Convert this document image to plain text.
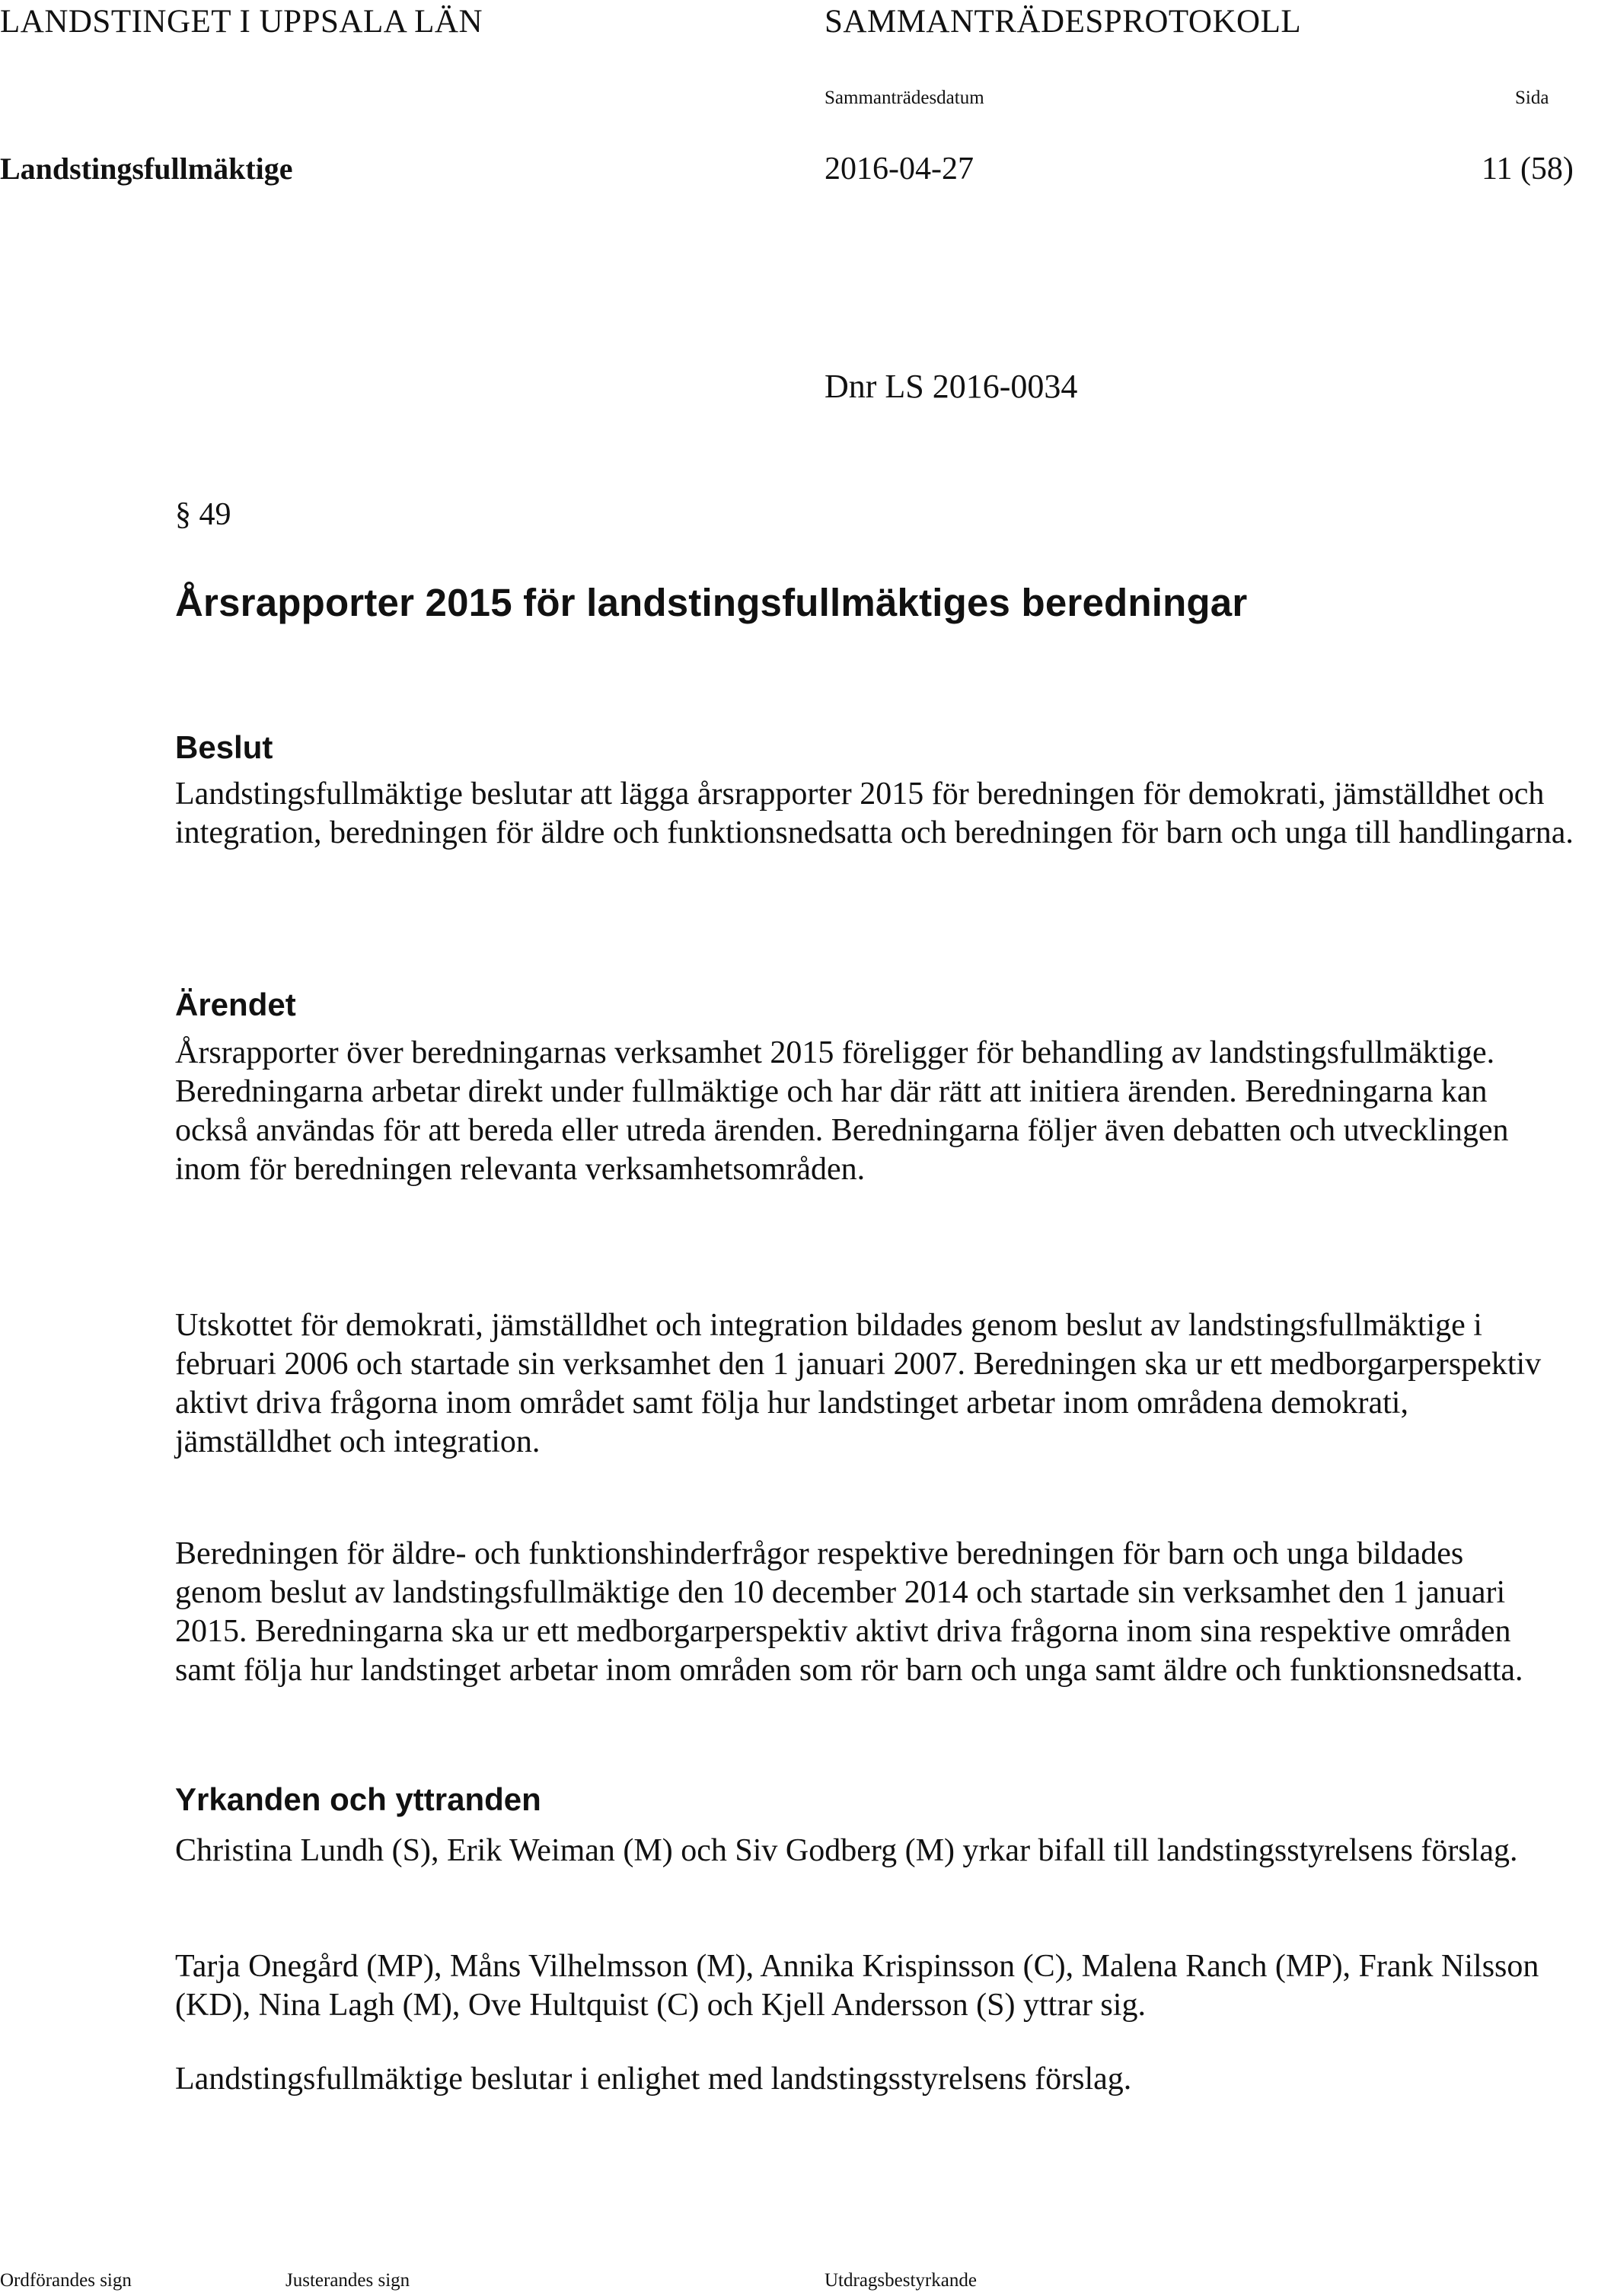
LANDSTINGET I UPPSALA LÄN	SAMMANTRÄDESPROTOKOLL
Sammanträdesdatum	Sida
Landstingsfullmäktige	2016-04-27	11 (58)
Dnr LS 2016-0034
§ 49
Årsrapporter 2015 för landstingsfullmäktiges beredningar
Beslut

Landstingsfullmäktige beslutar att lägga årsrapporter 2015 för beredningen för demokrati, jämställdhet och integration, beredningen för äldre och funktionsnedsatta och beredningen för barn och unga till handlingarna.

Ärendet

Årsrapporter över beredningarnas verksamhet 2015 föreligger för behandling av landstingsfullmäktige. Beredningarna arbetar direkt under fullmäktige och har där rätt att initiera ärenden. Beredningarna kan också användas för att bereda eller utreda ärenden. Beredningarna följer även debatten och utvecklingen inom för beredningen relevanta verksamhetsområden.

Utskottet för demokrati, jämställdhet och integration bildades genom beslut av landstingsfullmäktige i februari 2006 och startade sin verksamhet den 1 januari 2007. Beredningen ska ur ett medborgarperspektiv aktivt driva frågorna inom området samt följa hur landstinget arbetar inom områdena demokrati, jämställdhet och integration.

Beredningen för äldre- och funktionshinderfrågor respektive beredningen för barn och unga bildades genom beslut av landstingsfullmäktige den 10 december 2014 och startade sin verksamhet den 1 januari 2015. Beredningarna ska ur ett medborgarperspektiv aktivt driva frågorna inom sina respektive områden samt följa hur landstinget arbetar inom områden som rör barn och unga samt äldre och funktionsnedsatta.

Yrkanden och yttranden

Christina Lundh (S), Erik Weiman (M) och Siv Godberg (M) yrkar bifall till landstingsstyrelsens förslag.

Tarja Onegård (MP), Måns Vilhelmsson (M), Annika Krispinsson (C), Malena Ranch (MP), Frank Nilsson (KD), Nina Lagh (M), Ove Hultquist (C) och Kjell Andersson (S) yttrar sig.

Landstingsfullmäktige beslutar i enlighet med landstingsstyrelsens förslag.

Ordförandes sign	Justerandes sign	Utdragsbestyrkande
